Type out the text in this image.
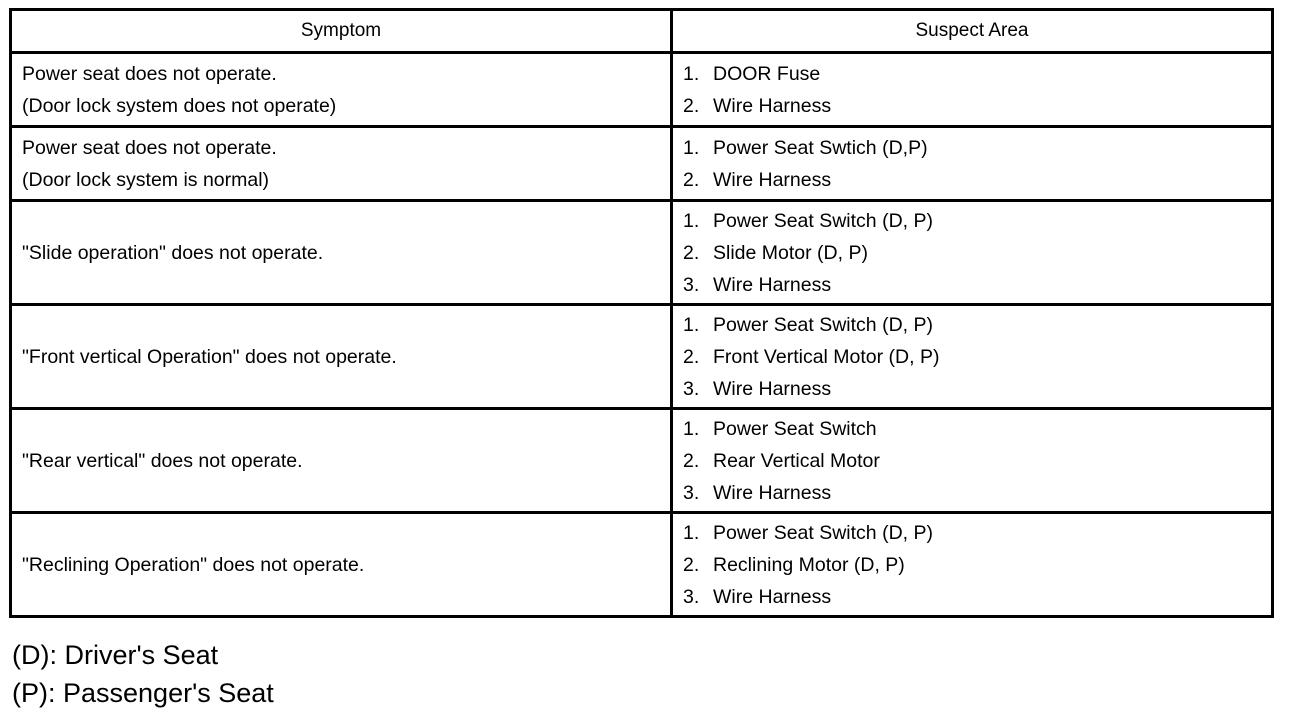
Symptom	Suspect Area

Power seat does not operate.
(Door lock system does not operate)	1. DOOR Fuse
2. Wire Harness

Power seat does not operate.
(Door lock system is normal)	1. Power Seat Swtich (D,P)
2. Wire Harness

"Slide operation" does not operate.	1. Power Seat Switch (D, P)
2. Slide Motor (D, P)
3. Wire Harness

"Front vertical Operation" does not operate.	1. Power Seat Switch (D, P)
2. Front Vertical Motor (D, P)
3. Wire Harness

"Rear vertical" does not operate.	1. Power Seat Switch
2. Rear Vertical Motor
3. Wire Harness

"Reclining Operation" does not operate.	1. Power Seat Switch (D, P)
2. Reclining Motor (D, P)
3. Wire Harness
(D): Driver's Seat
(P): Passenger's Seat
